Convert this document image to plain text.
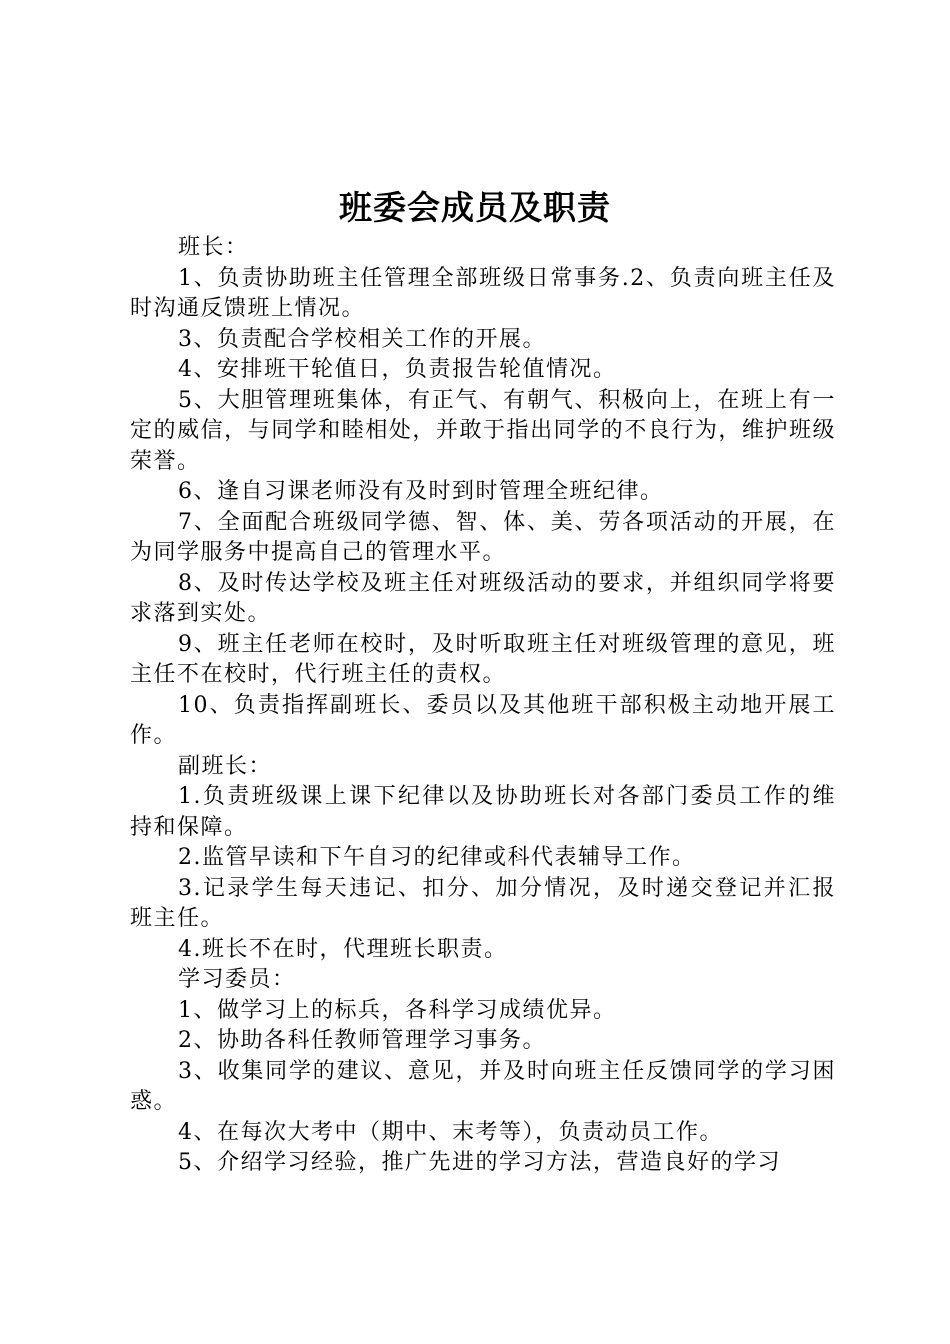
班委会成员及职责

班长：

1、负责协助班主任管理全部班级日常事务.2、负责向班主任及时沟通反馈班上情况。

3、负责配合学校相关工作的开展。

4、安排班干轮值日，负责报告轮值情况。

5、大胆管理班集体，有正气、有朝气、积极向上，在班上有一定的威信，与同学和睦相处，并敢于指出同学的不良行为，维护班级荣誉。

6、逢自习课老师没有及时到时管理全班纪律。

7、全面配合班级同学德、智、体、美、劳各项活动的开展，在为同学服务中提高自己的管理水平。

8、及时传达学校及班主任对班级活动的要求，并组织同学将要求落到实处。

9、班主任老师在校时，及时听取班主任对班级管理的意见，班主任不在校时，代行班主任的责权。

10、负责指挥副班长、委员以及其他班干部积极主动地开展工作。

副班长：

1.负责班级课上课下纪律以及协助班长对各部门委员工作的维持和保障。

2.监管早读和下午自习的纪律或科代表辅导工作。

3.记录学生每天违记、扣分、加分情况，及时递交登记并汇报班主任。

4.班长不在时，代理班长职责。

学习委员：

1、做学习上的标兵，各科学习成绩优异。

2、协助各科任教师管理学习事务。

3、收集同学的建议、意见，并及时向班主任反馈同学的学习困惑。

4、在每次大考中（期中、末考等），负责动员工作。

5、介绍学习经验，推广先进的学习方法，营造良好的学习
